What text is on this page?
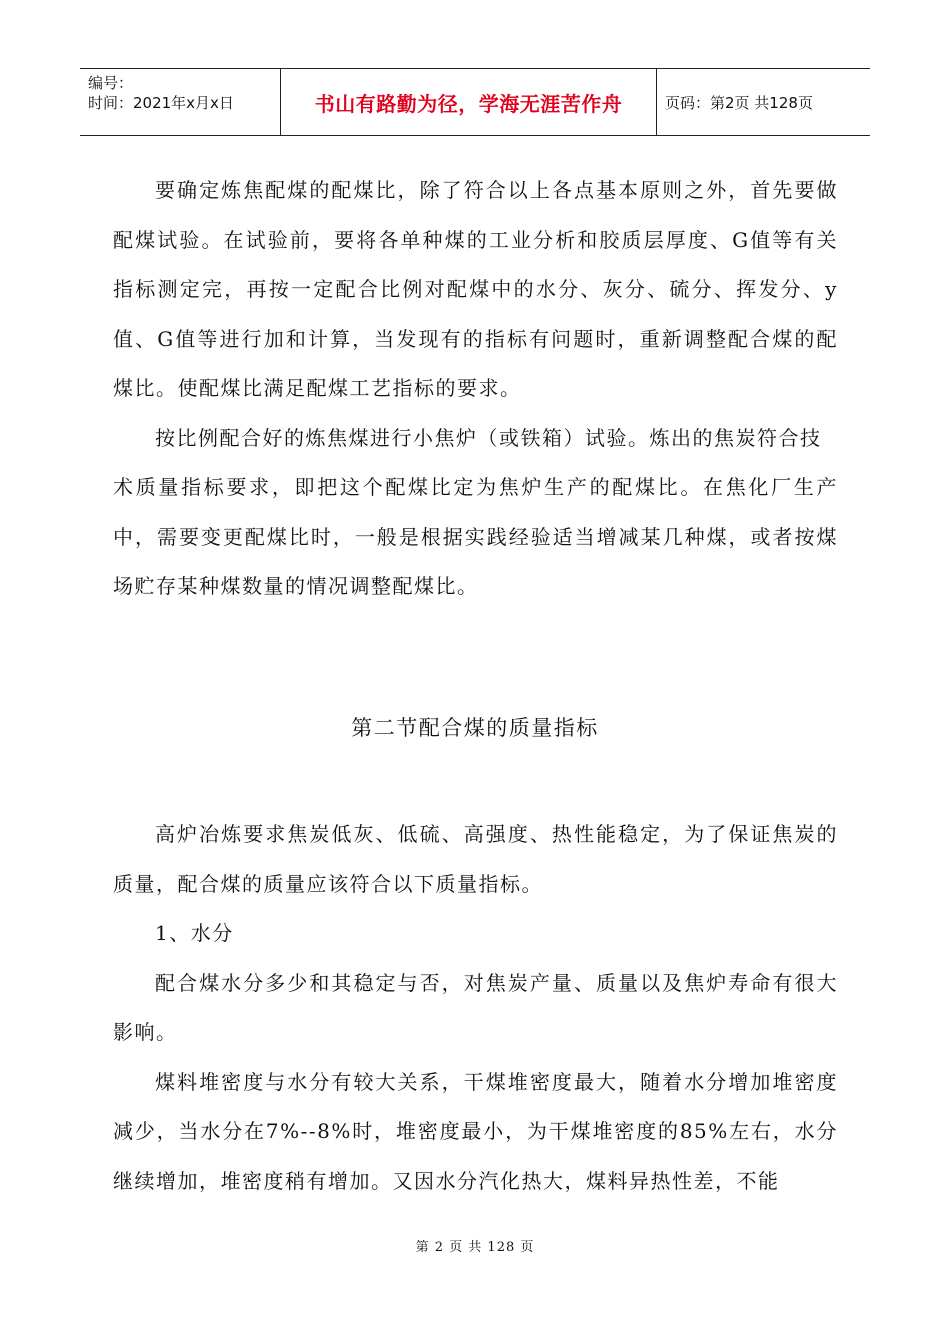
编号：
时间：2021年x月x日	书山有路勤为径，学海无涯苦作舟	页码：第2页 共128页

要确定炼焦配煤的配煤比，除了符合以上各点基本原则之外，首先要做配煤试验。在试验前，要将各单种煤的工业分析和胶质层厚度、G值等有关指标测定完，再按一定配合比例对配煤中的水分、灰分、硫分、挥发分、y值、G值等进行加和计算，当发现有的指标有问题时，重新调整配合煤的配煤比。使配煤比满足配煤工艺指标的要求。

按比例配合好的炼焦煤进行小焦炉（或铁箱）试验。炼出的焦炭符合技

术质量指标要求，即把这个配煤比定为焦炉生产的配煤比。在焦化厂生产中，需要变更配煤比时，一般是根据实践经验适当增减某几种煤，或者按煤场贮存某种煤数量的情况调整配煤比。

第二节配合煤的质量指标

高炉冶炼要求焦炭低灰、低硫、高强度、热性能稳定，为了保证焦炭的质量，配合煤的质量应该符合以下质量指标。

1、水分

配合煤水分多少和其稳定与否，对焦炭产量、质量以及焦炉寿命有很大影响。

煤料堆密度与水分有较大关系，干煤堆密度最大，随着水分增加堆密度减少，当水分在7%--8%时，堆密度最小，为干煤堆密度的85%左右，水分继续增加，堆密度稍有增加。又因水分汽化热大，煤料异热性差，不能

第 2 页 共 128 页
